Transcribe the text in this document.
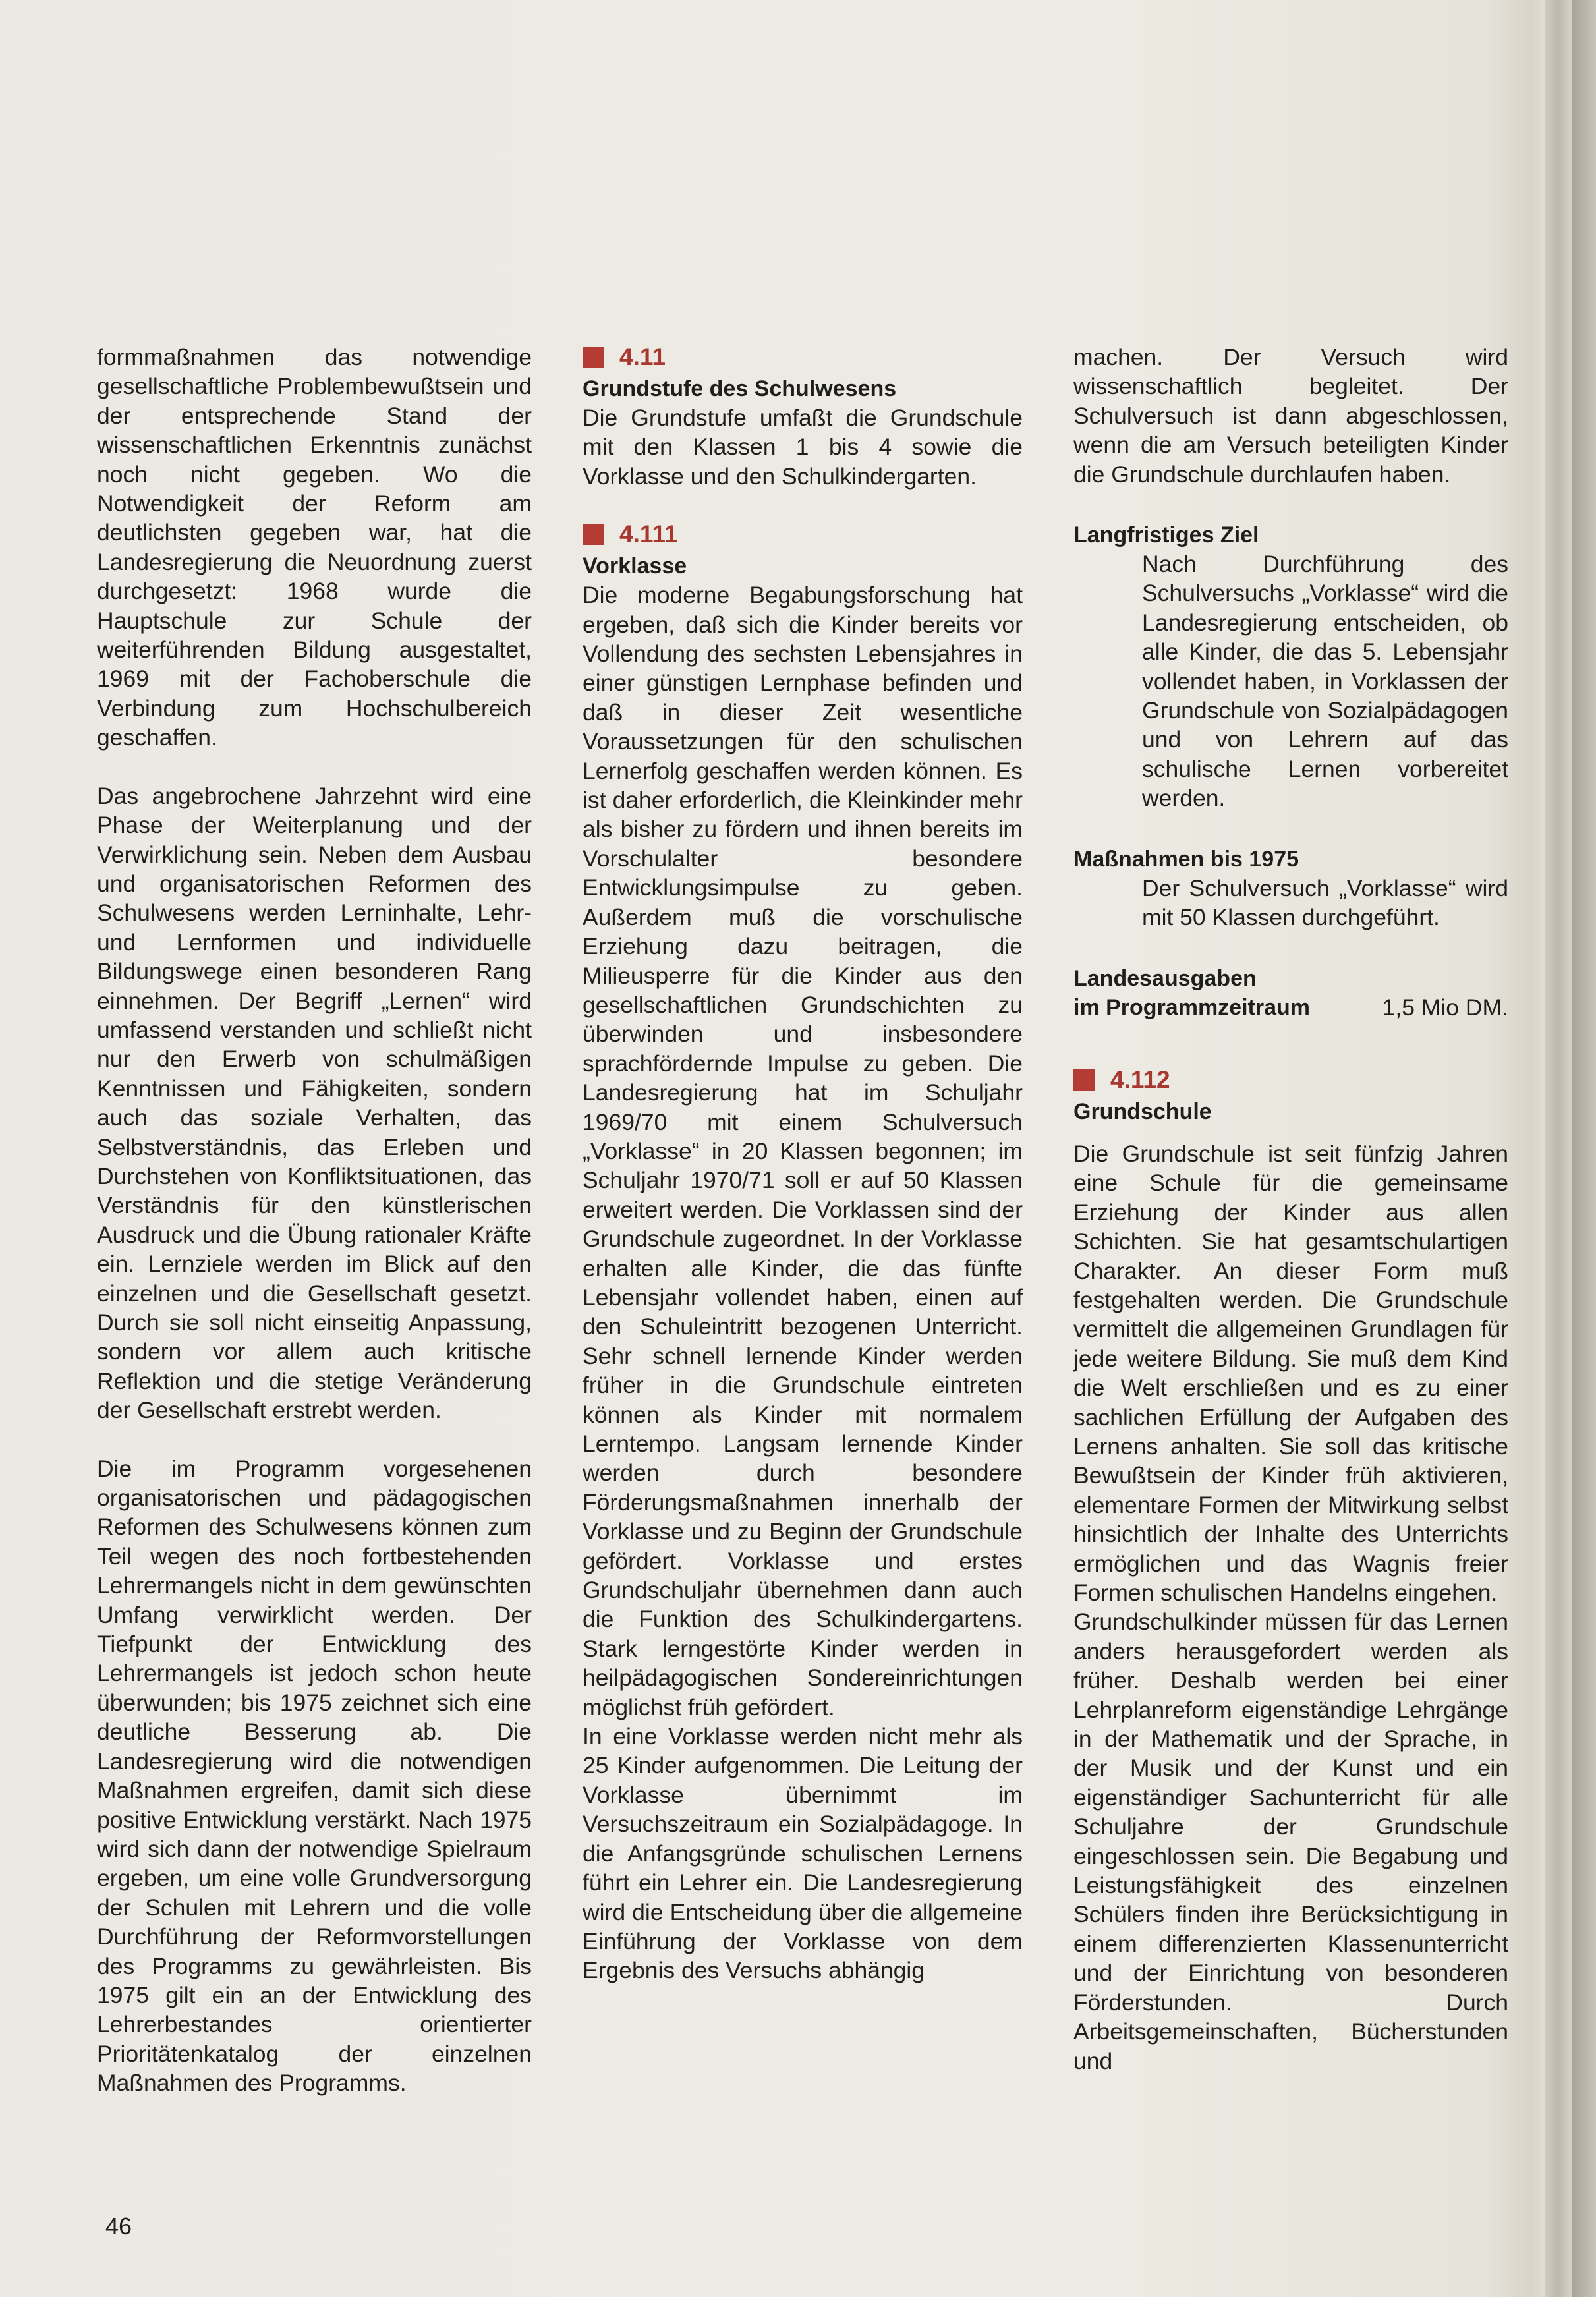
formmaßnahmen das notwendige gesellschaftliche Problembewußtsein und der entsprechende Stand der wissenschaftlichen Erkenntnis zunächst noch nicht gegeben. Wo die Notwendigkeit der Reform am deutlichsten gegeben war, hat die Landesregierung die Neuordnung zuerst durchgesetzt: 1968 wurde die Hauptschule zur Schule der weiterführenden Bildung ausgestaltet, 1969 mit der Fachoberschule die Verbindung zum Hochschulbereich geschaffen.

Das angebrochene Jahrzehnt wird eine Phase der Weiterplanung und der Verwirklichung sein. Neben dem Ausbau und organisatorischen Reformen des Schulwesens werden Lerninhalte, Lehr- und Lernformen und individuelle Bildungswege einen besonderen Rang einnehmen. Der Begriff „Lernen“ wird umfassend verstanden und schließt nicht nur den Erwerb von schulmäßigen Kenntnissen und Fähigkeiten, sondern auch das soziale Verhalten, das Selbstverständnis, das Erleben und Durchstehen von Konfliktsituationen, das Verständnis für den künstlerischen Ausdruck und die Übung rationaler Kräfte ein. Lernziele werden im Blick auf den einzelnen und die Gesellschaft gesetzt. Durch sie soll nicht einseitig Anpassung, sondern vor allem auch kritische Reflektion und die stetige Veränderung der Gesellschaft erstrebt werden.

Die im Programm vorgesehenen organisatorischen und pädagogischen Reformen des Schulwesens können zum Teil wegen des noch fortbestehenden Lehrermangels nicht in dem gewünschten Umfang verwirklicht werden. Der Tiefpunkt der Entwicklung des Lehrermangels ist jedoch schon heute überwunden; bis 1975 zeichnet sich eine deutliche Besserung ab. Die Landesregierung wird die notwendigen Maßnahmen ergreifen, damit sich diese positive Entwicklung verstärkt. Nach 1975 wird sich dann der notwendige Spielraum ergeben, um eine volle Grundversorgung der Schulen mit Lehrern und die volle Durchführung der Reformvorstellungen des Programms zu gewährleisten. Bis 1975 gilt ein an der Entwicklung des Lehrerbestandes orientierter Prioritätenkatalog der einzelnen Maßnahmen des Programms.

4.11
Grundstufe des Schulwesens

Die Grundstufe umfaßt die Grundschule mit den Klassen 1 bis 4 sowie die Vorklasse und den Schulkindergarten.

4.111
Vorklasse

Die moderne Begabungsforschung hat ergeben, daß sich die Kinder bereits vor Vollendung des sechsten Lebensjahres in einer günstigen Lernphase befinden und daß in dieser Zeit wesentliche Voraussetzungen für den schulischen Lernerfolg geschaffen werden können. Es ist daher erforderlich, die Kleinkinder mehr als bisher zu fördern und ihnen bereits im Vorschulalter besondere Entwicklungsimpulse zu geben. Außerdem muß die vorschulische Erziehung dazu beitragen, die Milieusperre für die Kinder aus den gesellschaftlichen Grundschichten zu überwinden und insbesondere sprachfördernde Impulse zu geben. Die Landesregierung hat im Schuljahr 1969/70 mit einem Schulversuch „Vorklasse“ in 20 Klassen begonnen; im Schuljahr 1970/71 soll er auf 50 Klassen erweitert werden. Die Vorklassen sind der Grundschule zugeordnet. In der Vorklasse erhalten alle Kinder, die das fünfte Lebensjahr vollendet haben, einen auf den Schuleintritt bezogenen Unterricht. Sehr schnell lernende Kinder werden früher in die Grundschule eintreten können als Kinder mit normalem Lerntempo. Langsam lernende Kinder werden durch besondere Förderungsmaßnahmen innerhalb der Vorklasse und zu Beginn der Grundschule gefördert. Vorklasse und erstes Grundschuljahr übernehmen dann auch die Funktion des Schulkindergartens. Stark lerngestörte Kinder werden in heilpädagogischen Sondereinrichtungen möglichst früh gefördert.

In eine Vorklasse werden nicht mehr als 25 Kinder aufgenommen. Die Leitung der Vorklasse übernimmt im Versuchszeitraum ein Sozialpädagoge. In die Anfangsgründe schulischen Lernens führt ein Lehrer ein. Die Landesregierung wird die Entscheidung über die allgemeine Einführung der Vorklasse von dem Ergebnis des Versuchs abhängig

machen. Der Versuch wird wissenschaftlich begleitet. Der Schulversuch ist dann abgeschlossen, wenn die am Versuch beteiligten Kinder die Grundschule durchlaufen haben.

Langfristiges Ziel

Nach Durchführung des Schulversuchs „Vorklasse“ wird die Landesregierung entscheiden, ob alle Kinder, die das 5. Lebensjahr vollendet haben, in Vorklassen der Grundschule von Sozialpädagogen und von Lehrern auf das schulische Lernen vorbereitet werden.

Maßnahmen bis 1975

Der Schulversuch „Vorklasse“ wird mit 50 Klassen durchgeführt.

Landesausgaben
im Programmzeitraum	1,5 Mio DM.
4.112
Grundschule

Die Grundschule ist seit fünfzig Jahren eine Schule für die gemeinsame Erziehung der Kinder aus allen Schichten. Sie hat gesamtschulartigen Charakter. An dieser Form muß festgehalten werden. Die Grundschule vermittelt die allgemeinen Grundlagen für jede weitere Bildung. Sie muß dem Kind die Welt erschließen und es zu einer sachlichen Erfüllung der Aufgaben des Lernens anhalten. Sie soll das kritische Bewußtsein der Kinder früh aktivieren, elementare Formen der Mitwirkung selbst hinsichtlich der Inhalte des Unterrichts ermöglichen und das Wagnis freier Formen schulischen Handelns eingehen.

Grundschulkinder müssen für das Lernen anders herausgefordert werden als früher. Deshalb werden bei einer Lehrplanreform eigenständige Lehrgänge in der Mathematik und der Sprache, in der Musik und der Kunst und ein eigenständiger Sachunterricht für alle Schuljahre der Grundschule eingeschlossen sein. Die Begabung und Leistungsfähigkeit des einzelnen Schülers finden ihre Berücksichtigung in einem differenzierten Klassenunterricht und der Einrichtung von besonderen Förderstunden. Durch Arbeitsgemeinschaften, Bücherstunden und

46
